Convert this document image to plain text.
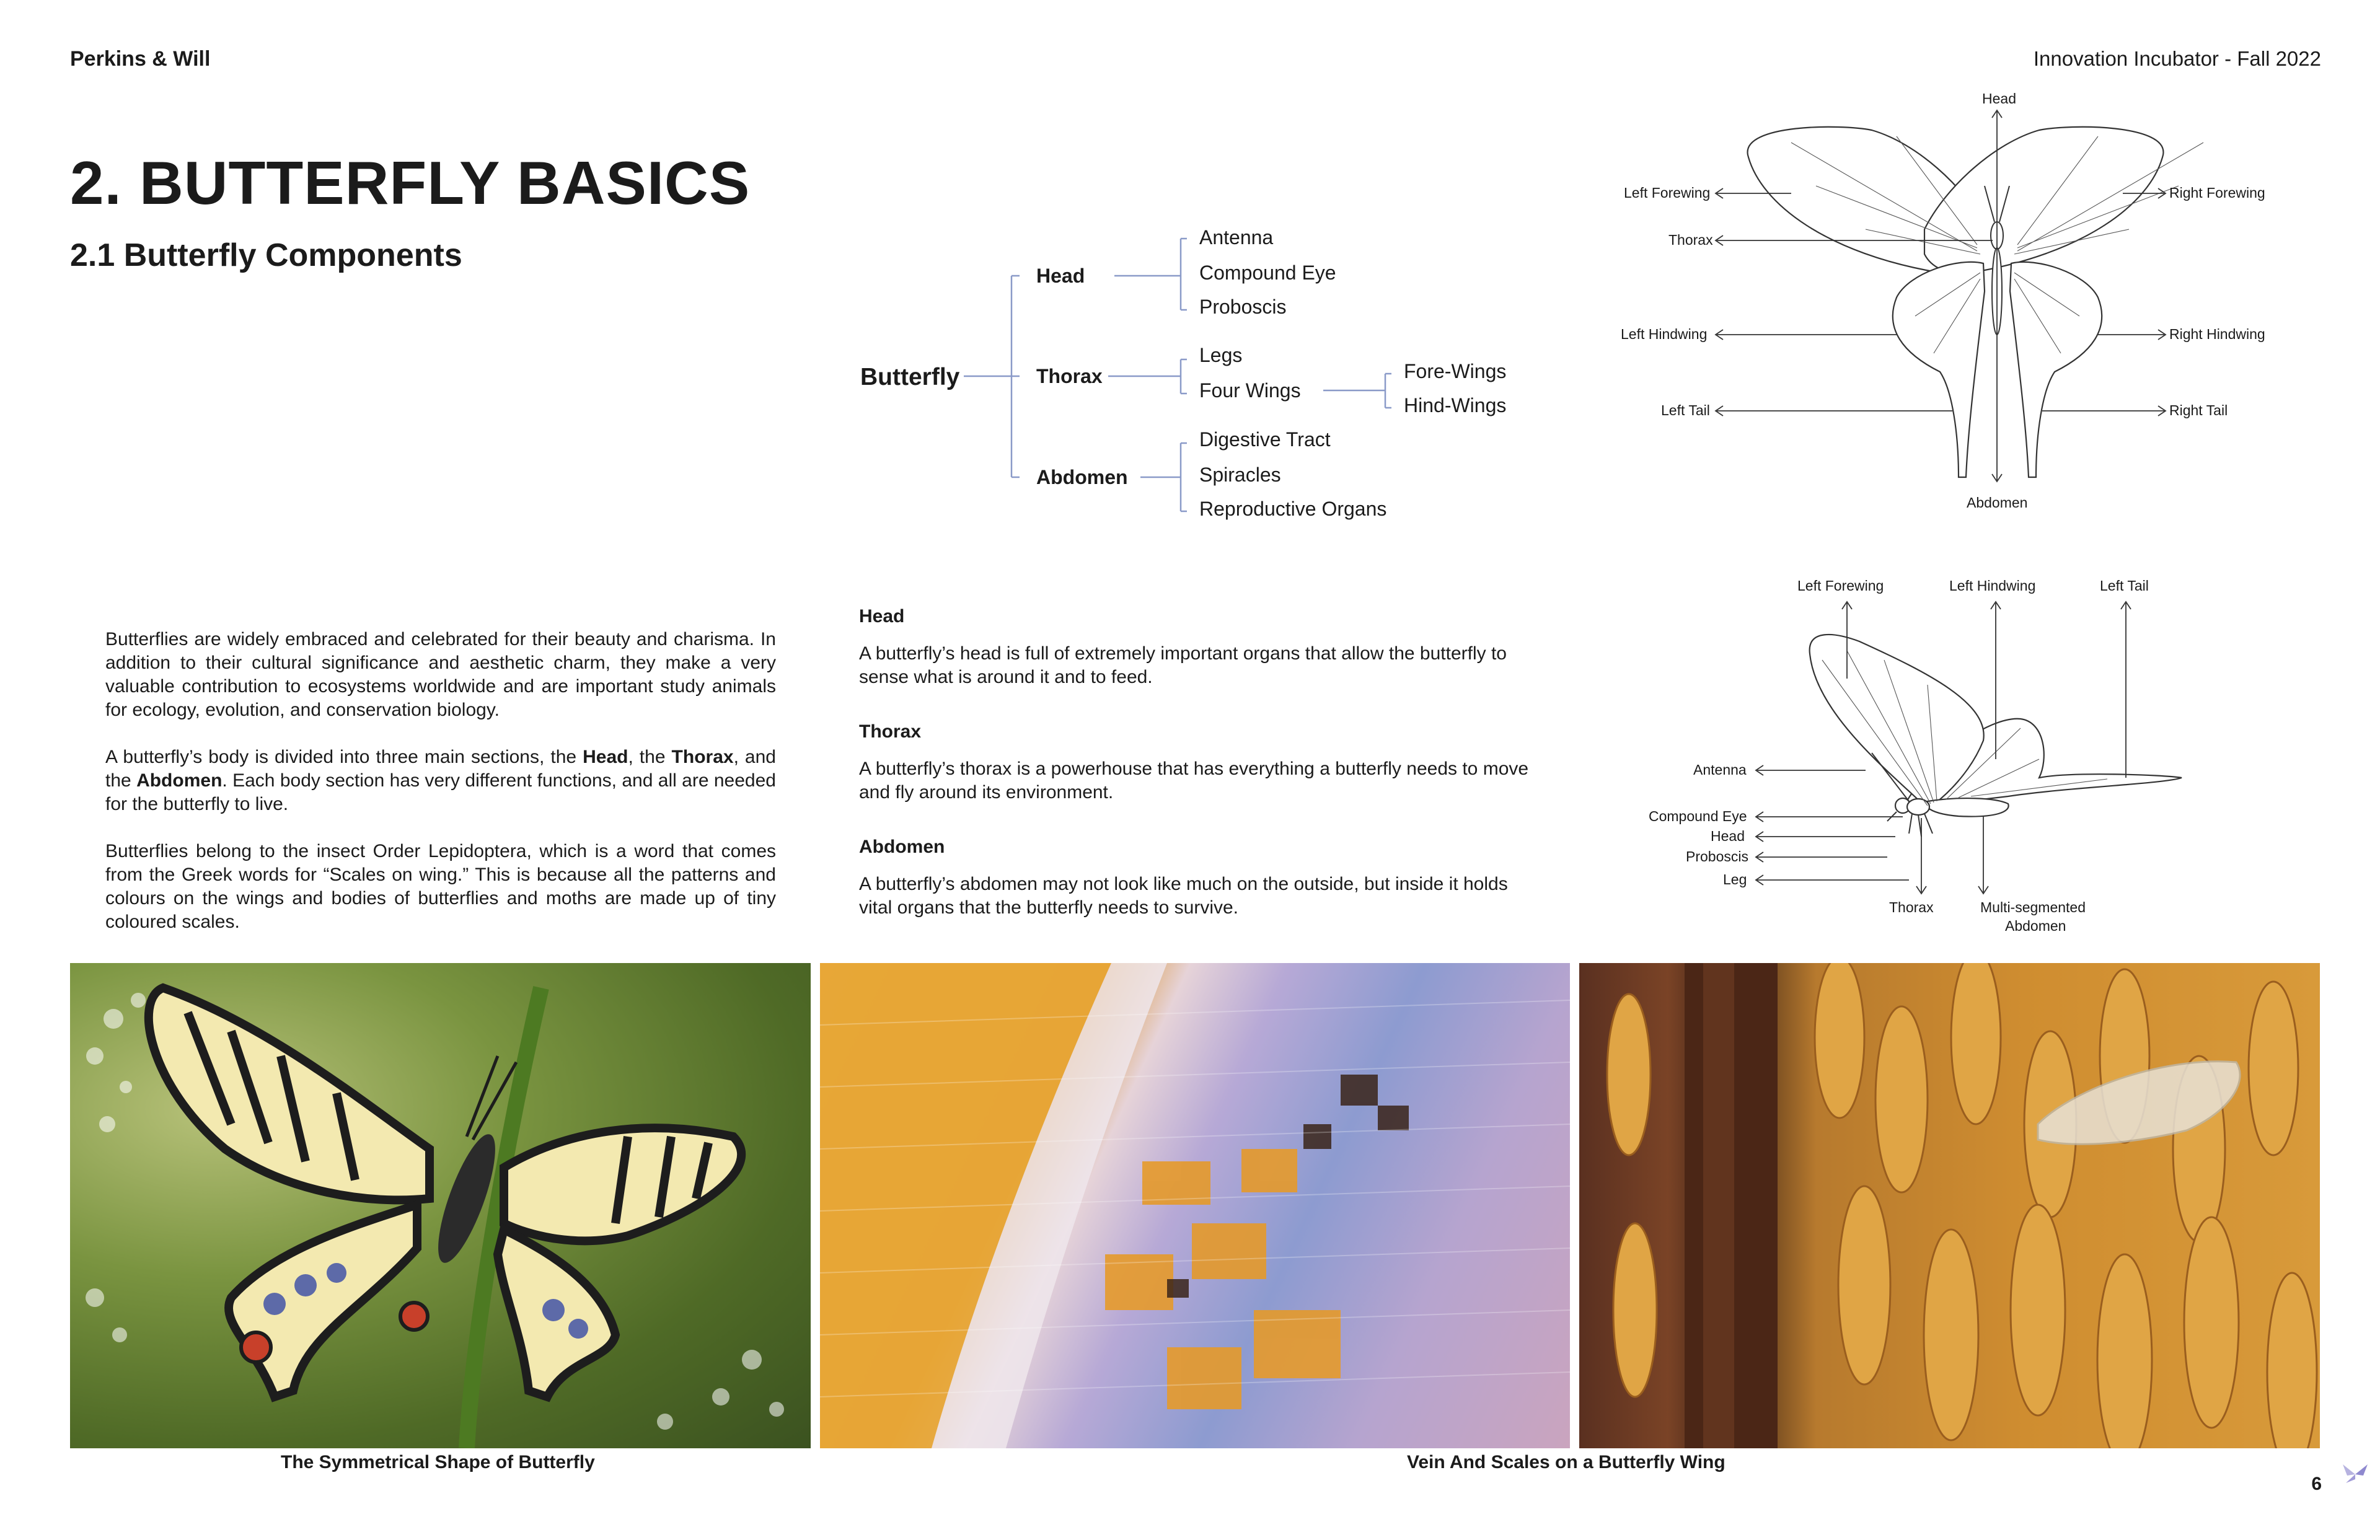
Perkins & Will	Innovation Incubator - Fall 2022
2. BUTTERFLY BASICS
2.1 Butterfly Components
Butterfly
Head
Thorax
Abdomen
Antenna
Compound Eye
Proboscis
Legs
Four Wings
Fore-Wings
Hind-Wings
Digestive Tract
Spiracles
Reproductive Organs
Head
Left Forewing
Thorax
Left Hindwing
Left Tail
Right Forewing
Right Hindwing
Right Tail
Abdomen
Left Forewing	Left Hindwing	Left Tail
Antenna
Compound Eye
Head
Proboscis
Leg
Thorax	Multi-segmented
Abdomen

Butterflies are widely embraced and celebrated for their beauty and charisma. In addition to their cultural significance and aesthetic charm, they make a very valuable contribution to ecosystems worldwide and are important study animals for ecology, evolution, and conservation biology.

A butterfly’s body is divided into three main sections, the Head, the Thorax, and the Abdomen. Each body section has very different functions, and all are needed for the butterfly to live.

Butterflies belong to the insect Order Lepidoptera, which is a word that comes from the Greek words for “Scales on wing.” This is because all the patterns and colours on the wings and bodies of butterflies and moths are made up of tiny coloured scales.

Head
A butterfly’s head is full of extremely important organs that allow the butterfly to sense what is around it and to feed.
Thorax
A butterfly’s thorax is a powerhouse that has everything a butterfly needs to move and fly around its environment.
Abdomen
A butterfly’s abdomen may not look like much on the outside, but inside it holds vital organs that the butterfly needs to survive.
The Symmetrical Shape of Butterfly	Vein And Scales on a Butterfly Wing
6
